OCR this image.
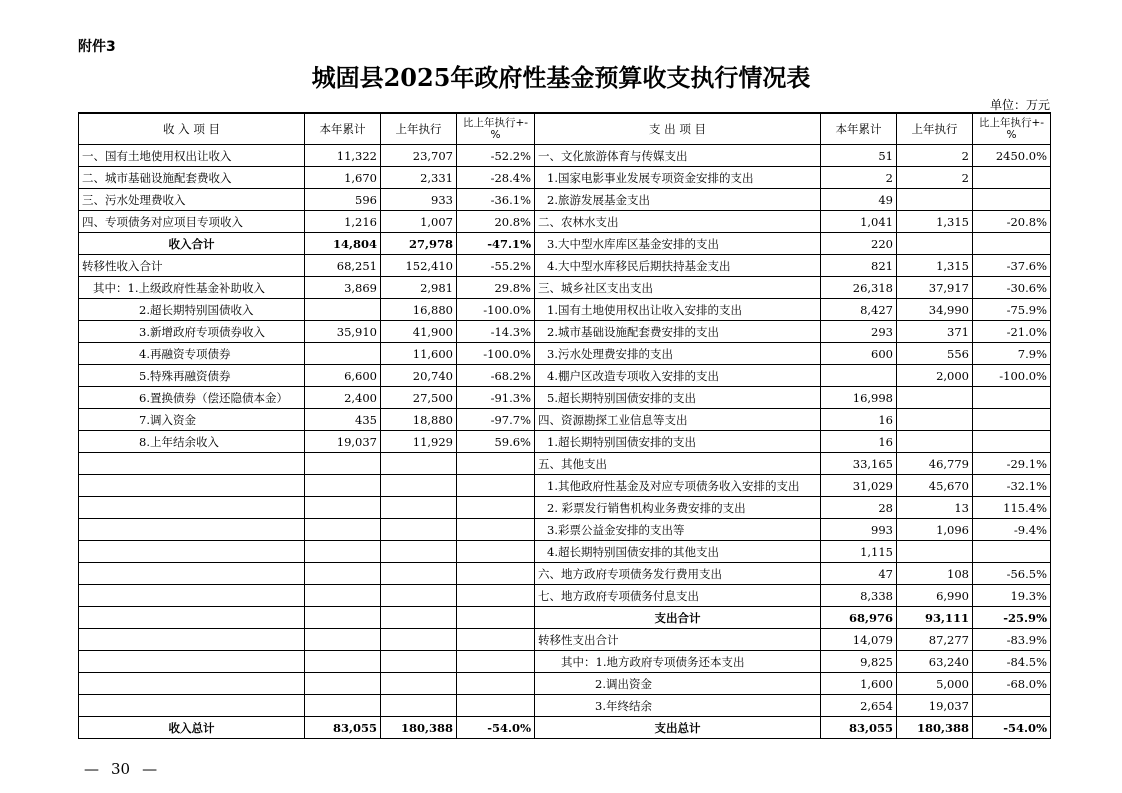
附件3
城固县2025年政府性基金预算收支执行情况表
单位：万元
收 入 项 目	本年累计	上年执行	比上年执行+-%	支 出 项 目	本年累计	上年执行	比上年执行+-%
一、国有土地使用权出让收入	11,322	23,707	-52.2%	一、文化旅游体育与传媒支出	51	2	2450.0%
二、城市基础设施配套费收入	1,670	2,331	-28.4%	1.国家电影事业发展专项资金安排的支出	2	2	
三、污水处理费收入	596	933	-36.1%	2.旅游发展基金支出	49		
四、专项债务对应项目专项收入	1,216	1,007	20.8%	二、农林水支出	1,041	1,315	-20.8%
收入合计	14,804	27,978	-47.1%	3.大中型水库库区基金安排的支出	220		
转移性收入合计	68,251	152,410	-55.2%	4.大中型水库移民后期扶持基金支出	821	1,315	-37.6%
其中：1.上级政府性基金补助收入	3,869	2,981	29.8%	三、城乡社区支出支出	26,318	37,917	-30.6%
2.超长期特别国债收入		16,880	-100.0%	1.国有土地使用权出让收入安排的支出	8,427	34,990	-75.9%
3.新增政府专项债券收入	35,910	41,900	-14.3%	2.城市基础设施配套费安排的支出	293	371	-21.0%
4.再融资专项债券		11,600	-100.0%	3.污水处理费安排的支出	600	556	7.9%
5.特殊再融资债券	6,600	20,740	-68.2%	4.棚户区改造专项收入安排的支出		2,000	-100.0%
6.置换债券（偿还隐债本金）	2,400	27,500	-91.3%	5.超长期特别国债安排的支出	16,998		
7.调入资金	435	18,880	-97.7%	四、资源勘探工业信息等支出	16		
8.上年结余收入	19,037	11,929	59.6%	1.超长期特别国债安排的支出	16		
				五、其他支出	33,165	46,779	-29.1%
				1.其他政府性基金及对应专项债务收入安排的支出	31,029	45,670	-32.1%
				2. 彩票发行销售机构业务费安排的支出	28	13	115.4%
				3.彩票公益金安排的支出等	993	1,096	-9.4%
				4.超长期特别国债安排的其他支出	1,115		
				六、地方政府专项债务发行费用支出	47	108	-56.5%
				七、地方政府专项债务付息支出	8,338	6,990	19.3%
				支出合计	68,976	93,111	-25.9%
				转移性支出合计	14,079	87,277	-83.9%
				其中：1.地方政府专项债务还本支出	9,825	63,240	-84.5%
				2.调出资金	1,600	5,000	-68.0%
				3.年终结余	2,654	19,037	
收入总计	83,055	180,388	-54.0%	支出总计	83,055	180,388	-54.0%
— 30 —
